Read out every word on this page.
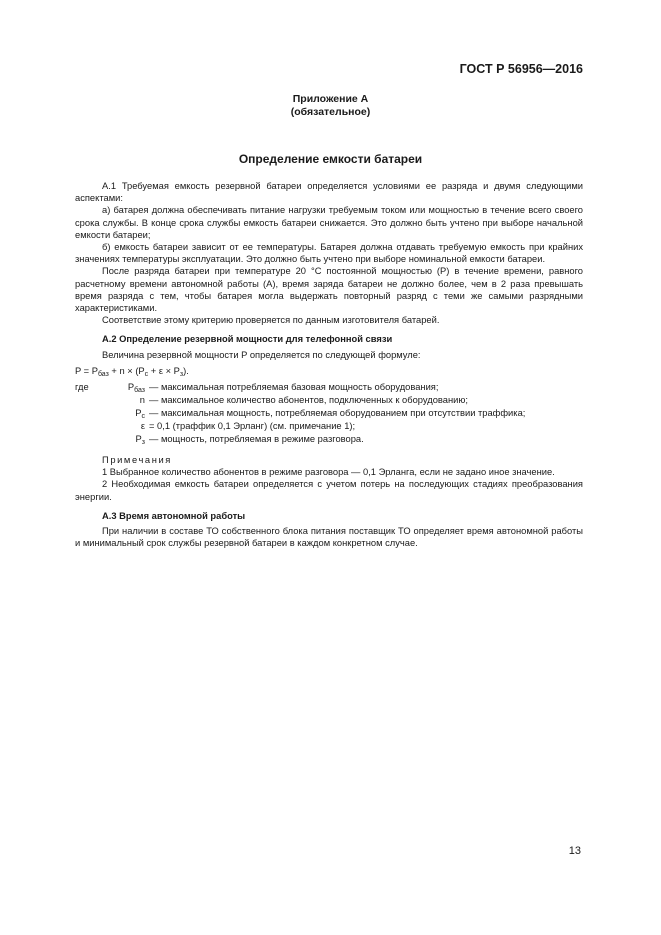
ГОСТ Р 56956—2016
Приложение А
(обязательное)
Определение емкости батареи

А.1 Требуемая емкость резервной батареи определяется условиями ее разряда и двумя следующими аспектами:

а) батарея должна обеспечивать питание нагрузки требуемым током или мощностью в течение всего своего срока службы. В конце срока службы емкость батареи снижается. Это должно быть учтено при выборе начальной емкости батареи;

б) емкость батареи зависит от ее температуры. Батарея должна отдавать требуемую емкость при крайних значениях температуры эксплуатации. Это должно быть учтено при выборе номинальной емкости батареи.

После разряда батареи при температуре 20 °С постоянной мощностью (P) в течение времени, равного расчетному времени автономной работы (А), время заряда батареи не должно более, чем в 2 раза превышать время разряда с тем, чтобы батарея могла выдержать повторный разряд с теми же самыми разрядными характеристиками.

Соответствие этому критерию проверяется по данным изготовителя батарей.

А.2 Определение резервной мощности для телефонной связи

Величина резервной мощности P определяется по следующей формуле:

$P = P_{баз} + n \times (P_c + \varepsilon \times P_з)$.

где	$P_{баз}$ — максимальная потребляемая базовая мощность оборудования;
n — максимальное количество абонентов, подключенных к оборудованию;
$P_c$ — максимальная мощность, потребляемая оборудованием при отсутствии траффика;
ε = 0,1 (траффик 0,1 Эрланг) (см. примечание 1);
$P_з$ — мощность, потребляемая в режиме разговора.

Примечания

1 Выбранное количество абонентов в режиме разговора — 0,1 Эрланга, если не задано иное значение.

2 Необходимая емкость батареи определяется с учетом потерь на последующих стадиях преобразования энергии.

А.3 Время автономной работы

При наличии в составе ТО собственного блока питания поставщик ТО определяет время автономной работы и минимальный срок службы резервной батареи в каждом конкретном случае.

13
